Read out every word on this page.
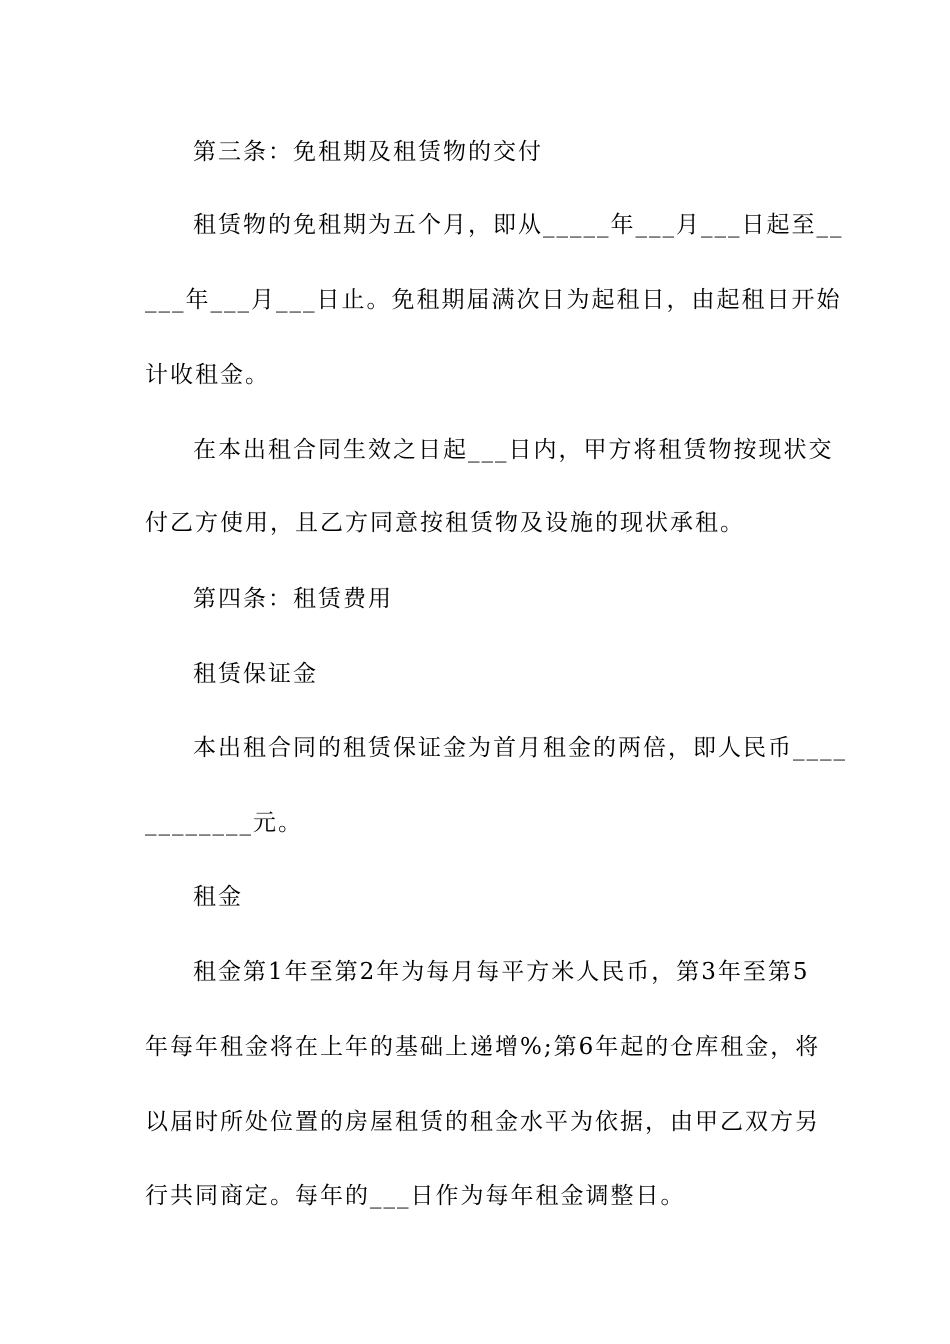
第三条：免租期及租赁物的交付

租赁物的免租期为五个月，即从_____年___月___日起至__

___年___月___日止。免租期届满次日为起租日，由起租日开始

计收租金。

在本出租合同生效之日起___日内，甲方将租赁物按现状交

付乙方使用，且乙方同意按租赁物及设施的现状承租。

第四条：租赁费用

租赁保证金

本出租合同的租赁保证金为首月租金的两倍，即人民币____

________元。

租金

租金第1年至第2年为每月每平方米人民币，第3年至第5

年每年租金将在上年的基础上递增%;第6年起的仓库租金，将

以届时所处位置的房屋租赁的租金水平为依据，由甲乙双方另

行共同商定。每年的___日作为每年租金调整日。
